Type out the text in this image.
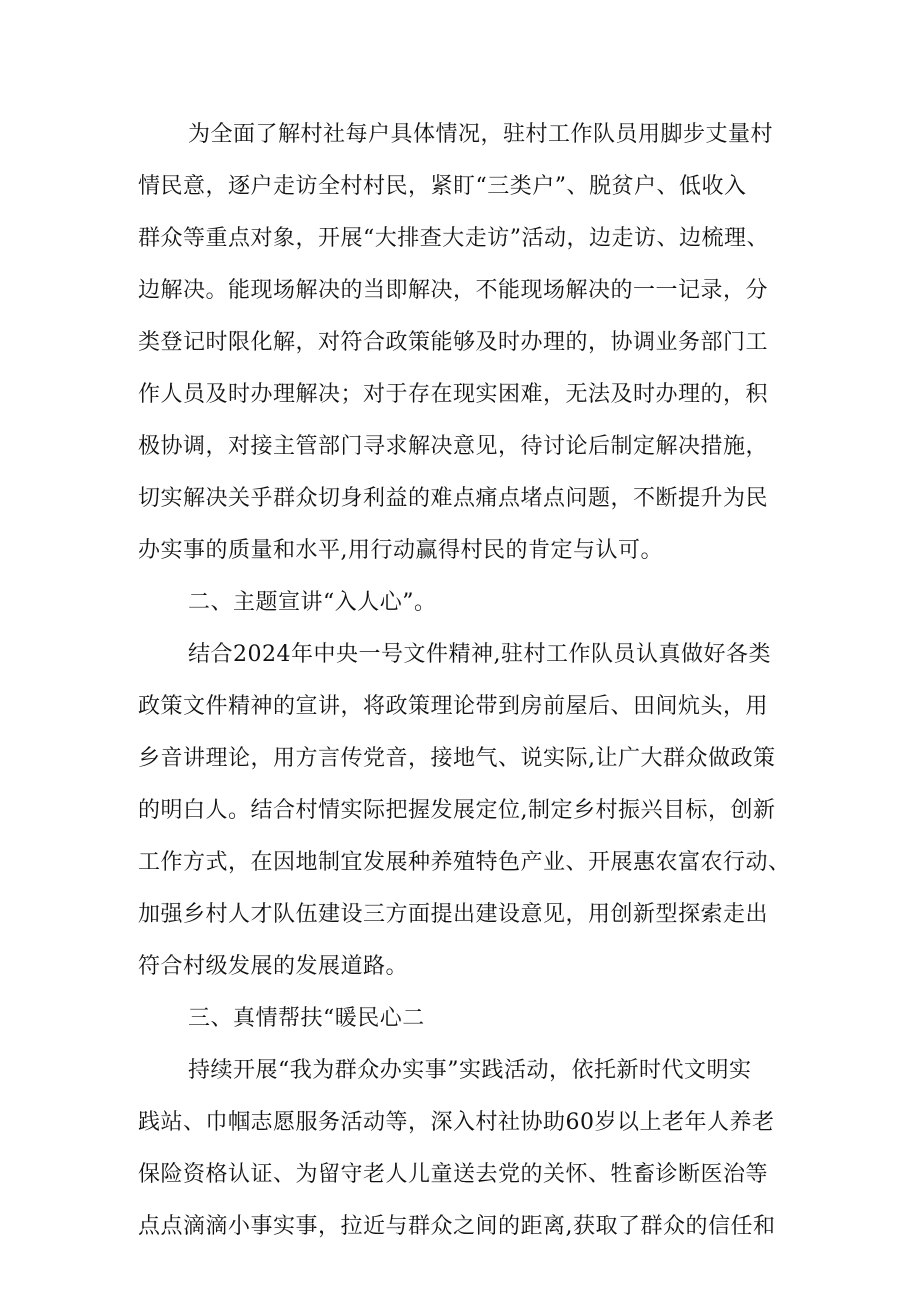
为全面了解村社每户具体情况，驻村工作队员用脚步丈量村
情民意，逐户走访全村村民，紧盯“三类户”、脱贫户、低收入
群众等重点对象，开展“大排查大走访”活动，边走访、边梳理、
边解决。能现场解决的当即解决，不能现场解决的一一记录，分
类登记时限化解，对符合政策能够及时办理的，协调业务部门工
作人员及时办理解决；对于存在现实困难，无法及时办理的，积
极协调，对接主管部门寻求解决意见，待讨论后制定解决措施，
切实解决关乎群众切身利益的难点痛点堵点问题，不断提升为民
办实事的质量和水平,用行动赢得村民的肯定与认可。
二、主题宣讲“入人心”。
结合2024年中央一号文件精神,驻村工作队员认真做好各类
政策文件精神的宣讲，将政策理论带到房前屋后、田间炕头，用
乡音讲理论，用方言传党音，接地气、说实际,让广大群众做政策
的明白人。结合村情实际把握发展定位,制定乡村振兴目标，创新
工作方式，在因地制宜发展种养殖特色产业、开展惠农富农行动、
加强乡村人才队伍建设三方面提出建设意见，用创新型探索走出
符合村级发展的发展道路。
三、真情帮扶“暖民心二
持续开展“我为群众办实事”实践活动，依托新时代文明实
践站、巾帼志愿服务活动等，深入村社协助60岁以上老年人养老
保险资格认证、为留守老人儿童送去党的关怀、牲畜诊断医治等
点点滴滴小事实事，拉近与群众之间的距离,获取了群众的信任和
